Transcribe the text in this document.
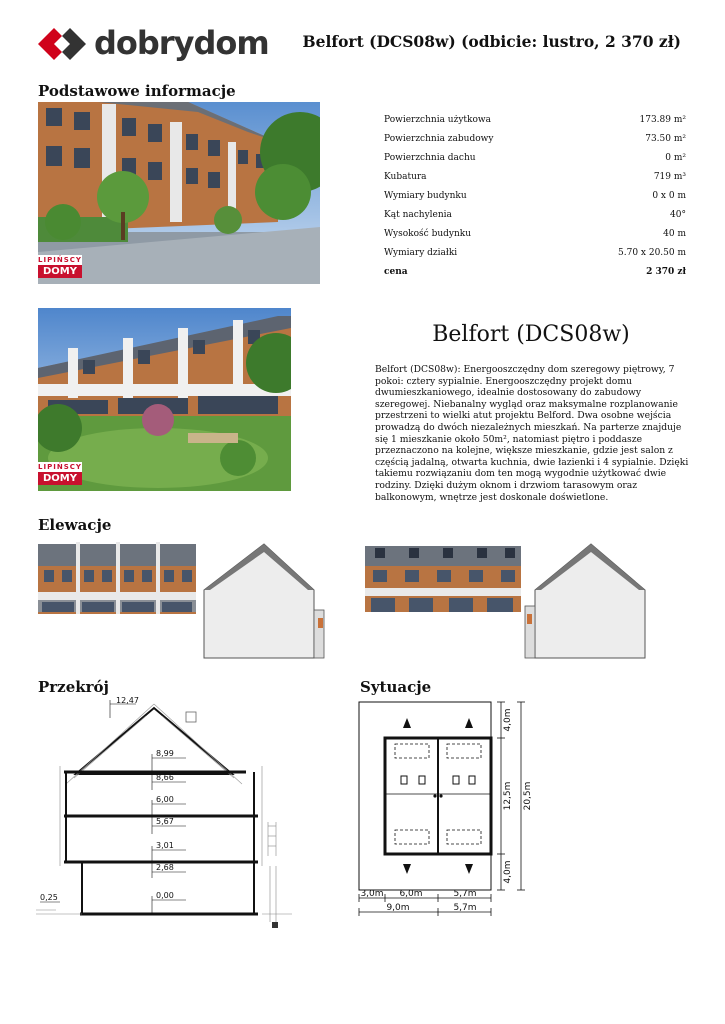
dobrydom Belfort (DCS08w) (odbicie: lustro, 2 370 zł)
Podstawowe informacje
LIPIŃSCY
DOMY
Powierzchnia użytkowa	173.89 m²
Powierzchnia zabudowy	73.50 m²
Powierzchnia dachu	0 m²
Kubatura	719 m³
Wymiary budynku	0 x 0 m
Kąt nachylenia	40°
Wysokość budynku	40 m
Wymiary działki	5.70 x 20.50 m
cena	2 370 zł
LIPIŃSCY
DOMY
Belfort (DCS08w)
Belfort (DCS08w): Energooszczędny dom szeregowy piętrowy, 7 pokoi: cztery sypialnie. Energooszczędny projekt domu dwumieszkaniowego, idealnie dostosowany do zabudowy szeregowej. Niebanalny wygląd oraz maksymalne rozplanowanie przestrzeni to wielki atut projektu Belford. Dwa osobne wejścia prowadzą do dwóch niezależnych mieszkań. Na parterze znajduje się 1 mieszkanie około 50m², natomiast piętro i poddasze przeznaczono na kolejne, większe mieszkanie, gdzie jest salon z częścią jadalną, otwarta kuchnia, dwie łazienki i 4 sypialnie. Dzięki takiemu rozwiązaniu dom ten mogą wygodnie użytkować dwie rodziny. Dzięki dużym oknom i drzwiom tarasowym oraz balkonowym, wnętrze jest doskonale doświetlone.
Elewacje
Przekrój	Sytuacje
12,47
8,99
8,66
6,00
5,67
3,01
2,68
0,00
0,25
4,0m
12,5m
4,0m
20,5m
3,0m 6,0m	5,7m
9,0m	5,7m
